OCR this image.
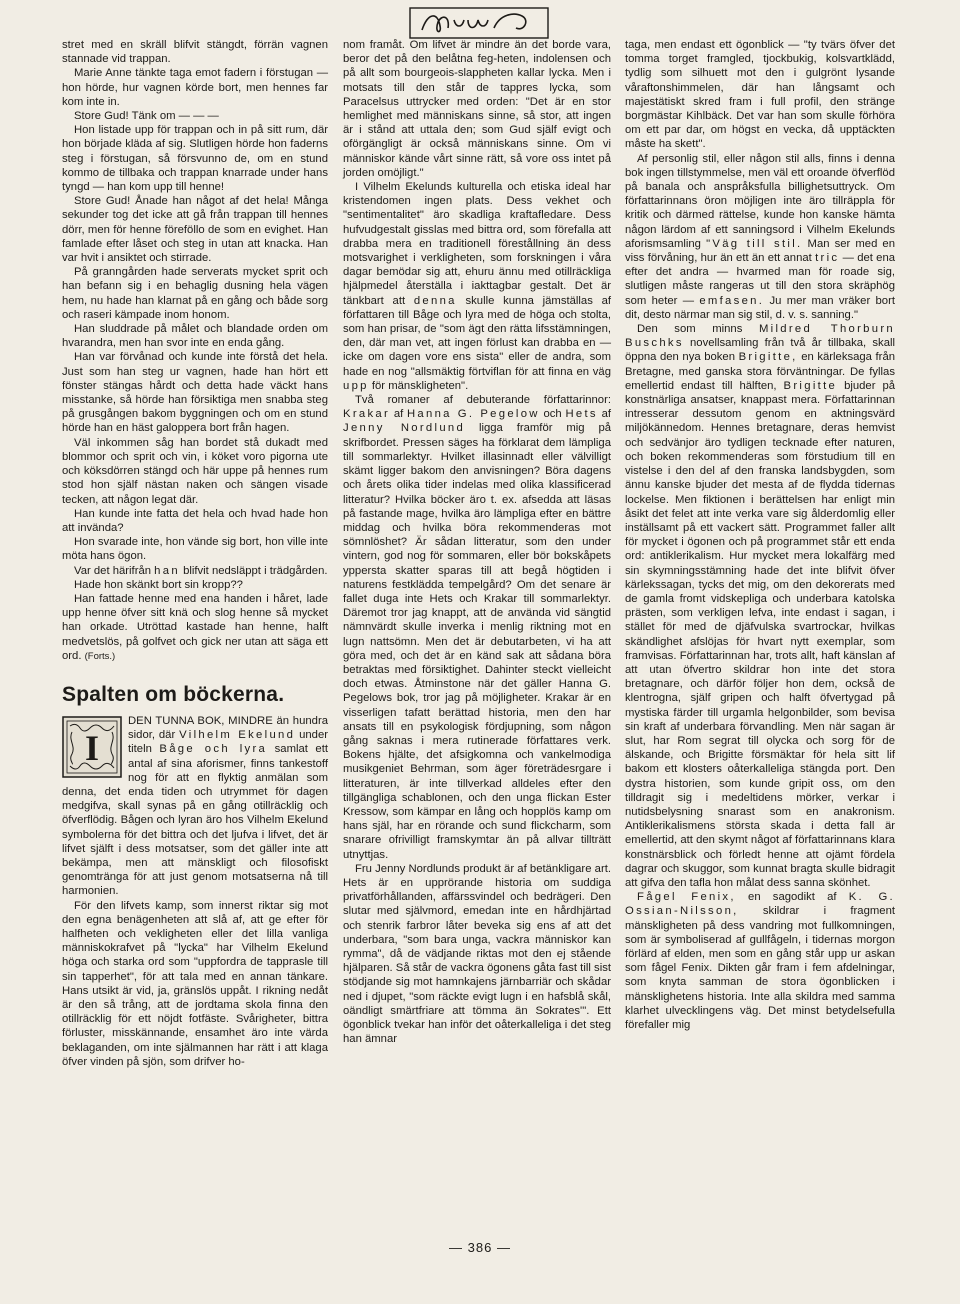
stret med en skräll blifvit stängdt, förrän vagnen stannade vid trappan.

Marie Anne tänkte taga emot fadern i förstugan — hon hörde, hur vagnen körde bort, men hennes far kom inte in.

Store Gud! Tänk om — — —

Hon listade upp för trappan och in på sitt rum, där hon började kläda af sig. Slutligen hörde hon faderns steg i förstugan, så försvunno de, om en stund kommo de tillbaka och trappan knarrade under hans tyngd — han kom upp till henne!

Store Gud! Ånade han något af det hela! Många sekunder tog det icke att gå från trappan till hennes dörr, men för henne föreföllo de som en evighet. Han famlade efter låset och steg in utan att knacka. Han var hvit i ansiktet och stirrade.

På granngården hade serverats mycket sprit och han befann sig i en behaglig dusning hela vägen hem, nu hade han klarnat på en gång och både sorg och raseri kämpade inom honom.

Han sluddrade på målet och blandade orden om hvarandra, men han svor inte en enda gång.

Han var förvånad och kunde inte förstå det hela. Just som han steg ur vagnen, hade han hört ett fönster stängas hårdt och detta hade väckt hans misstanke, så hörde han försiktiga men snabba steg på grusgången bakom byggningen och om en stund hörde han en häst galoppera bort från hagen.

Väl inkommen såg han bordet stå dukadt med blommor och sprit och vin, i köket voro pigorna ute och köksdörren stängd och här uppe på hennes rum stod hon själf nästan naken och sängen visade tecken, att någon legat där.

Han kunde inte fatta det hela och hvad hade hon att invända?

Hon svarade inte, hon vände sig bort, hon ville inte möta hans ögon.

Var det härifrån han blifvit nedsläppt i trädgården.

Hade hon skänkt bort sin kropp??

Han fattade henne med ena handen i håret, lade upp henne öfver sitt knä och slog henne så mycket han orkade. Utröttad kastade han henne, halft medvetslös, på golfvet och gick ner utan att säga ett ord. (Forts.)

Spalten om böckerna.

I
DEN TUNNA BOK, MINDRE än hundra sidor, där Vilhelm Ekelund under titeln Båge och lyra samlat ett antal af sina aforismer, finns tankestoff nog för att en flyktig anmälan som denna, det enda tiden och utrymmet för dagen medgifva, skall synas på en gång otillräcklig och öfverflödig. Bågen och lyran äro hos Vilhelm Ekelund symbolerna för det bittra och det ljufva i lifvet, det är lifvet själft i dess motsatser, som det gäller inte att bekämpa, men att mänskligt och filosofiskt genomtränga för att just genom motsatserna nå till harmonien.

För den lifvets kamp, som innerst riktar sig mot den egna benägenheten att slå af, att ge efter för halfheten och vekligheten eller det lilla vanliga människokrafvet på "lycka" har Vilhelm Ekelund höga och starka ord som "uppfordra de tapprasle till sin tapperhet", för att tala med en annan tänkare. Hans utsikt är vid, ja, gränslös uppåt. I rikning nedåt är den så trång, att de jordtama skola finna den otillräcklig för ett nöjdt fotfäste. Svårigheter, bittra förluster, misskännande, ensamhet äro inte värda beklaganden, om inte själmannen har rätt i att klaga öfver vinden på sjön, som drifver ho-

nom framåt. Om lifvet är mindre än det borde vara, beror det på den belåtna feg-heten, indolensen och på allt som bourgeois-slappheten kallar lycka. Men i motsats till den står de tappres lycka, som Paracelsus uttrycker med orden: "Det är en stor hemlighet med människans sinne, så stor, att ingen är i stånd att uttala den; som Gud själf evigt och oförgängligt är också människans sinne. Om vi människor kände vårt sinne rätt, så vore oss intet på jorden omöjligt."

I Vilhelm Ekelunds kulturella och etiska ideal har kristendomen ingen plats. Dess vekhet och "sentimentalitet" äro skadliga kraftafledare. Dess hufvudgestalt gisslas med bittra ord, som förefalla att drabba mera en traditionell förestållning än dess motsvarighet i verkligheten, som forskningen i våra dagar bemödar sig att, ehuru ännu med otillräckliga hjälpmedel återställa i iakttagbar gestalt. Det är tänkbart att denna skulle kunna jämställas af författaren till Båge och lyra med de höga och stolta, som han prisar, de "som ägt den rätta lifsstämningen, den, där man vet, att ingen förlust kan drabba en — icke om dagen vore ens sista" eller de andra, som hade en nog "allsmäktig förtviflan för att finna en väg upp för mänskligheten".

Två romaner af debuterande författarinnor: Krakar af Hanna G. Pegelow och Hets af Jenny Nordlund ligga framför mig på skrifbordet. Pressen säges ha förklarat dem lämpliga till sommarlektyr. Hvilket illasinnadt eller välvilligt skämt ligger bakom den anvisningen? Böra dagens och årets olika tider indelas med olika klassificerad litteratur? Hvilka böcker äro t. ex. afsedda att läsas på fastande mage, hvilka äro lämpliga efter en bättre middag och hvilka böra rekommenderas mot sömnlöshet? Är sådan litteratur, som den under vintern, god nog för sommaren, eller bör bokskåpets yppersta skatter sparas till att begå högtiden i naturens festklädda tempelgård? Om det senare är fallet duga inte Hets och Krakar till sommarlektyr. Däremot tror jag knappt, att de använda vid sängtid nämnvärdt skulle inverka i menlig riktning mot en lugn nattsömn. Men det är debutarbeten, vi ha att göra med, och det är en känd sak att sådana böra betraktas med försiktighet. Dahinter steckt vielleicht doch etwas. Åtminstone när det gäller Hanna G. Pegelows bok, tror jag på möjligheter. Krakar är en visserligen tafatt berättad historia, men den har ansats till en psykologisk fördjupning, som någon gång saknas i mera rutinerade författares verk. Bokens hjälte, det afsigkomna och vankelmodiga musikgeniet Behrman, som äger företrädesrgare i litteraturen, är inte tillverkad alldeles efter den tillgängliga schablonen, och den unga flickan Ester Kressow, som kämpar en lång och hopplös kamp om hans själ, har en rörande och sund flickcharm, som snarare ofrivilligt framskymtar än på allvar tillträtt utnyttjas.

Fru Jenny Nordlunds produkt är af betänkligare art. Hets är en upprörande historia om suddiga privatförhållanden, affärssvindel och bedrägeri. Den slutar med självmord, emedan inte en hårdhjärtad och stenrik farbror låter beveka sig ens af att det underbara, "som bara unga, vackra människor kan rymma", då de vädjande riktas mot den ej stående hjälparen. Så står de vackra ögonens gåta fast till sist stödjande sig mot hamnkajens järnbarriär och skådar ned i djupet, "som räckte evigt lugn i en hafsblå skål, oändligt smärtfriare att tömma än Sokrates'". Ett ögonblick tvekar han inför det oåterkalleliga i det steg han ämnar

taga, men endast ett ögonblick — "ty tvärs öfver det tomma torget framgled, tjockbukig, kolsvartklädd, tydlig som silhuett mot den i gulgrönt lysande våraftonshimmelen, där han långsamt och majestätiskt skred fram i full profil, den stränge borgmästar Kihlbäck. Det var han som skulle förhöra om ett par dar, om högst en vecka, då upptäckten måste ha skett".

Af personlig stil, eller någon stil alls, finns i denna bok ingen tillstymmelse, men väl ett oroande öfverflöd på banala och anspråksfulla billighetsuttryck. Om författarinnans öron möjligen inte äro tillräppla för kritik och därmed rättelse, kunde hon kanske hämta någon lärdom af ett sanningsord i Vilhelm Ekelunds aforismsamling "Väg till stil. Man ser med en viss förvåning, hur än ett än ett annat tric — det ena efter det andra — hvarmed man för roade sig, slutligen måste rangeras ut till den stora skräphög som heter — emfasen. Ju mer man vräker bort dit, desto närmar man sig stil, d. v. s. sanning."

Den som minns Mildred Thorburn Buschks novellsamling från två år tillbaka, skall öppna den nya boken Brigitte, en kärleksaga från Bretagne, med ganska stora förväntningar. De fyllas emellertid endast till hälften, Brigitte bjuder på konstnärliga ansatser, knappast mera. Författarinnan intresserar dessutom genom en aktningsvärd miljökännedom. Hennes bretagnare, deras hemvist och sedvänjor äro tydligen tecknade efter naturen, och boken rekommenderas som förstudium till en vistelse i den del af den franska landsbygden, som ännu kanske bjuder det mesta af de flydda tidernas lockelse. Men fiktionen i berättelsen har enligt min åsikt det felet att inte verka vare sig ålderdomlig eller inställsamt på ett vackert sätt. Programmet faller allt för mycket i ögonen och på programmet står ett enda ord: antiklerikalism. Hur mycket mera lokalfärg med sin skymningsstämning hade det inte blifvit öfver kärlekssagan, tycks det mig, om den dekorerats med de gamla fromt vidskepliga och underbara katolska prästen, som verkligen lefva, inte endast i sagan, i stället för med de djäfvulska svartrockar, hvilkas skändlighet afslöjas för hvart nytt exemplar, som framvisas. Författarinnan har, trots allt, haft känslan af att utan öfvertro skildrar hon inte det stora bretagnare, och därför följer hon dem, också de klentrogna, själf gripen och halft öfvertygad på mystiska färder till urgamla helgonbilder, som bevisa sin kraft af underbara förvandling. Men när sagan är slut, har Rom segrat till olycka och sorg för de älskande, och Brigitte försmäktar för hela sitt lif bakom ett klosters oåterkalleliga stängda port. Den dystra historien, som kunde gripit oss, om den tilldragit sig i medeltidens mörker, verkar i nutidsbelysning snarast som en anakronism. Antiklerikalismens största skada i detta fall är emellertid, att den skymt något af författarinnans klara konstnärsblick och förledt henne att ojämt fördela dagrar och skuggor, som kunnat bragta skulle bidragit att gifva den tafla hon målat dess sanna skönhet.

Fågel Fenix, en sagodikt af K. G. Ossian-Nilsson, skildrar i fragment mänskligheten på dess vandring mot fullkomningen, som är symboliserad af gullfågeln, i tidernas morgon förlärd af elden, men som en gång står upp ur askan som fågel Fenix. Dikten går fram i fem afdelningar, som knyta samman de stora ögonblicken i mänsklighetens historia. Inte alla skildra med samma klarhet ulvecklingens väg. Det minst betydelsefulla förefaller mig

— 386 —
